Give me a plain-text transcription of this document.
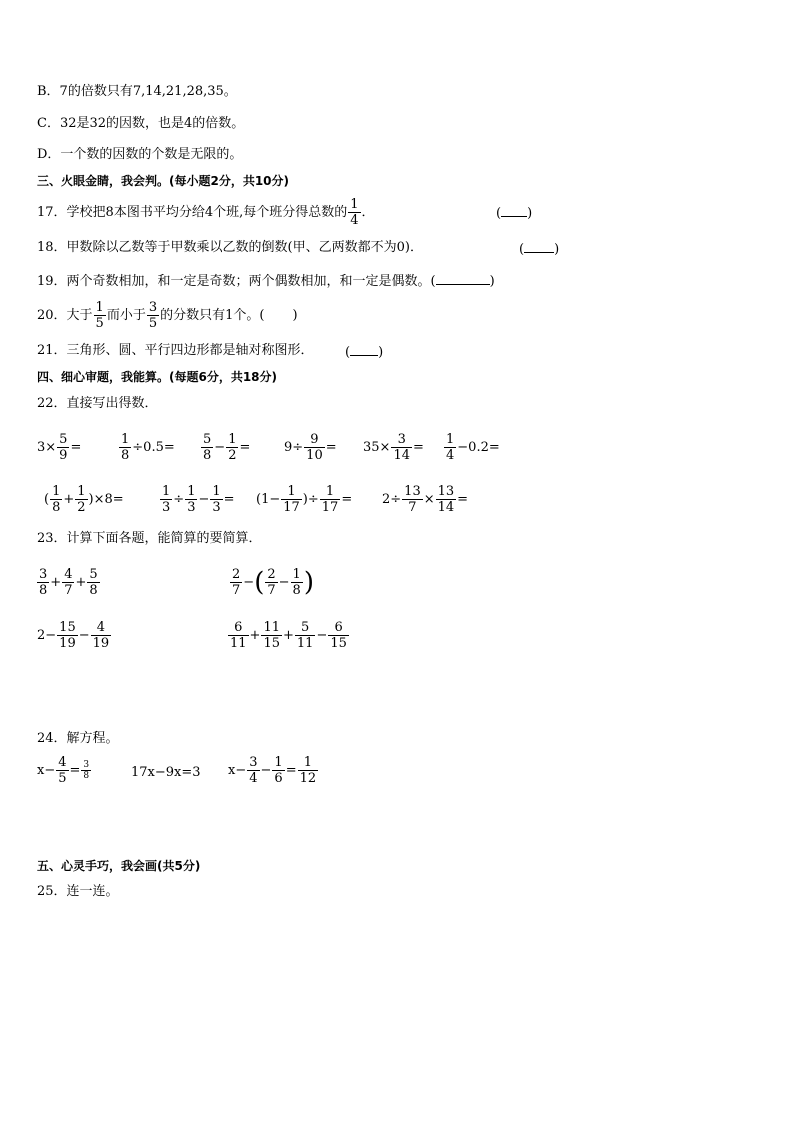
B．7的倍数只有7,14,21,28,35。
C．32是32的因数，也是4的倍数。
D．一个数的因数的个数是无限的。
三、火眼金睛，我会判。(每小题2分，共10分)
17．学校把8本图书平均分给4个班,每个班分得总数的 $\frac{1}{4}$ ．	( )
18．甲数除以乙数等于甲数乘以乙数的倒数(甲、乙两数都不为0)．	( )
19．两个奇数相加，和一定是奇数；两个偶数相加，和一定是偶数。(	)
20．大于 $\frac{1}{5}$ 而小于 $\frac{3}{5}$ 的分数只有1个。( )
21．三角形、圆、平行四边形都是轴对称图形． ( )
四、细心审题，我能算。(每题6分，共18分)
22．直接写出得数．
$3\times \frac{5}{9}$ =	$\frac{1}{8} \div 0.5= \frac{5}{8} - \frac{1}{2}$ =	$9\div \frac{9}{10} = 35\times \frac{3}{14} = \frac{1}{4} -0.2=$
( $\frac{1}{8} + \frac{1}{2} )\times 8=$	$\frac{1}{3} \div \frac{1}{3} - \frac{1}{3} = (1- \frac{1}{17}$ )÷ $\frac{1}{17} = 2\div \frac{13}{7} \times \frac{13}{14}$ =
23．计算下面各题，能简算的要简算．
$\frac{3}{8} + \frac{4}{7} + \frac{5}{8}$	$\frac{2}{7}$ −( $\frac{2}{7} - \frac{1}{8}$ )
$2- \frac{15}{19} - \frac{4}{19}$	$\frac{6}{11} + \frac{11}{15} + \frac{5}{11} - \frac{6}{15}$
24．解方程。
$x- \frac{4}{5} = \frac{3}{8}$	17x−9x=3 $x- \frac{3}{4} - \frac{1}{6} = \frac{1}{12}$
五、心灵手巧，我会画(共5分)
25．连一连。
